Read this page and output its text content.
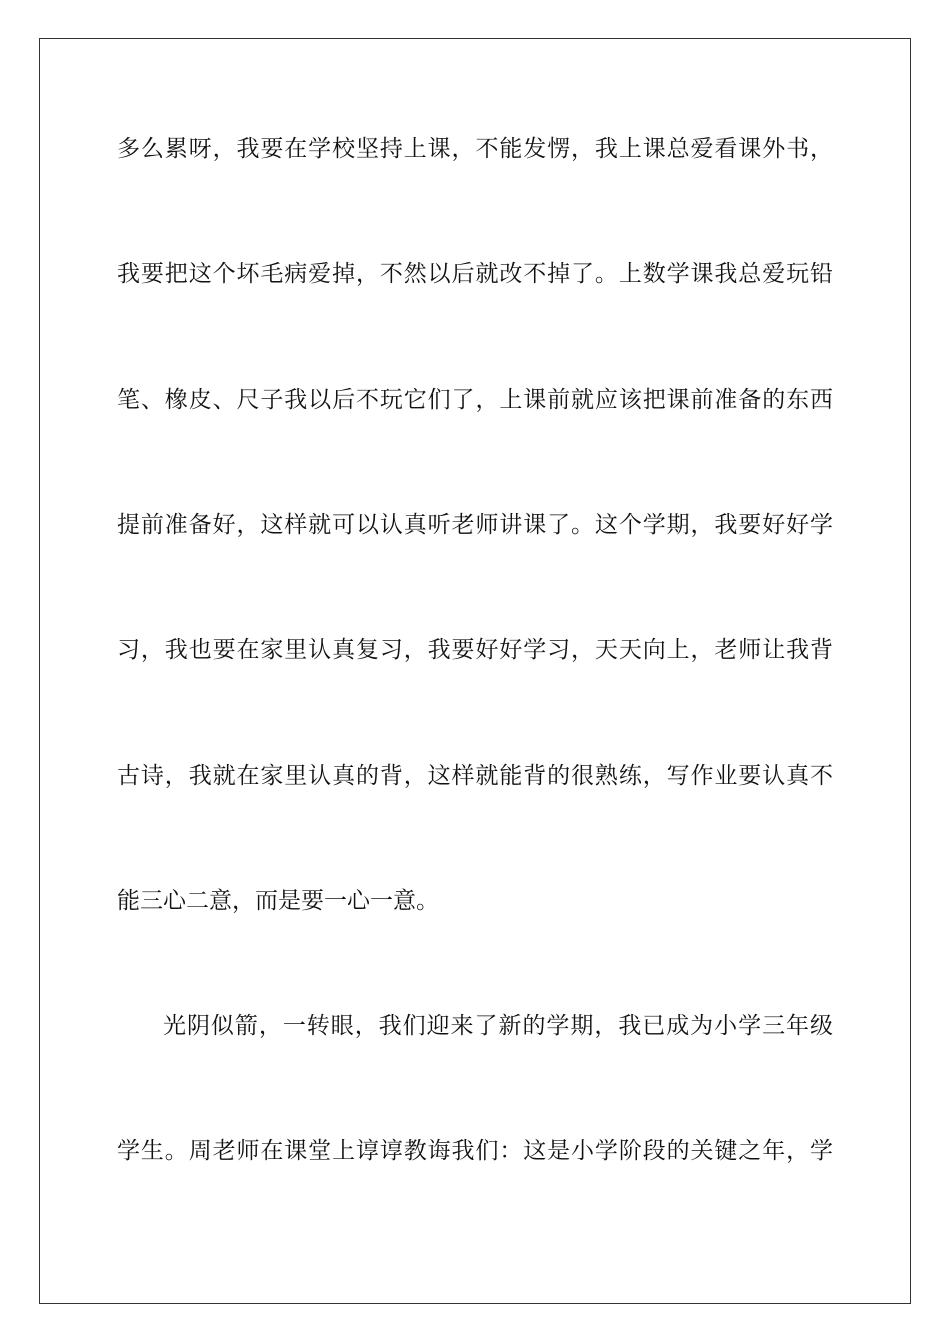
多么累呀，我要在学校坚持上课，不能发愣，我上课总爱看课外书，
我要把这个坏毛病爱掉，不然以后就改不掉了。上数学课我总爱玩铅
笔、橡皮、尺子我以后不玩它们了，上课前就应该把课前准备的东西
提前准备好，这样就可以认真听老师讲课了。这个学期，我要好好学
习，我也要在家里认真复习，我要好好学习，天天向上，老师让我背
古诗，我就在家里认真的背，这样就能背的很熟练，写作业要认真不
能三心二意，而是要一心一意。
光阴似箭，一转眼，我们迎来了新的学期，我已成为小学三年级
学生。周老师在课堂上谆谆教诲我们：这是小学阶段的关键之年，学
